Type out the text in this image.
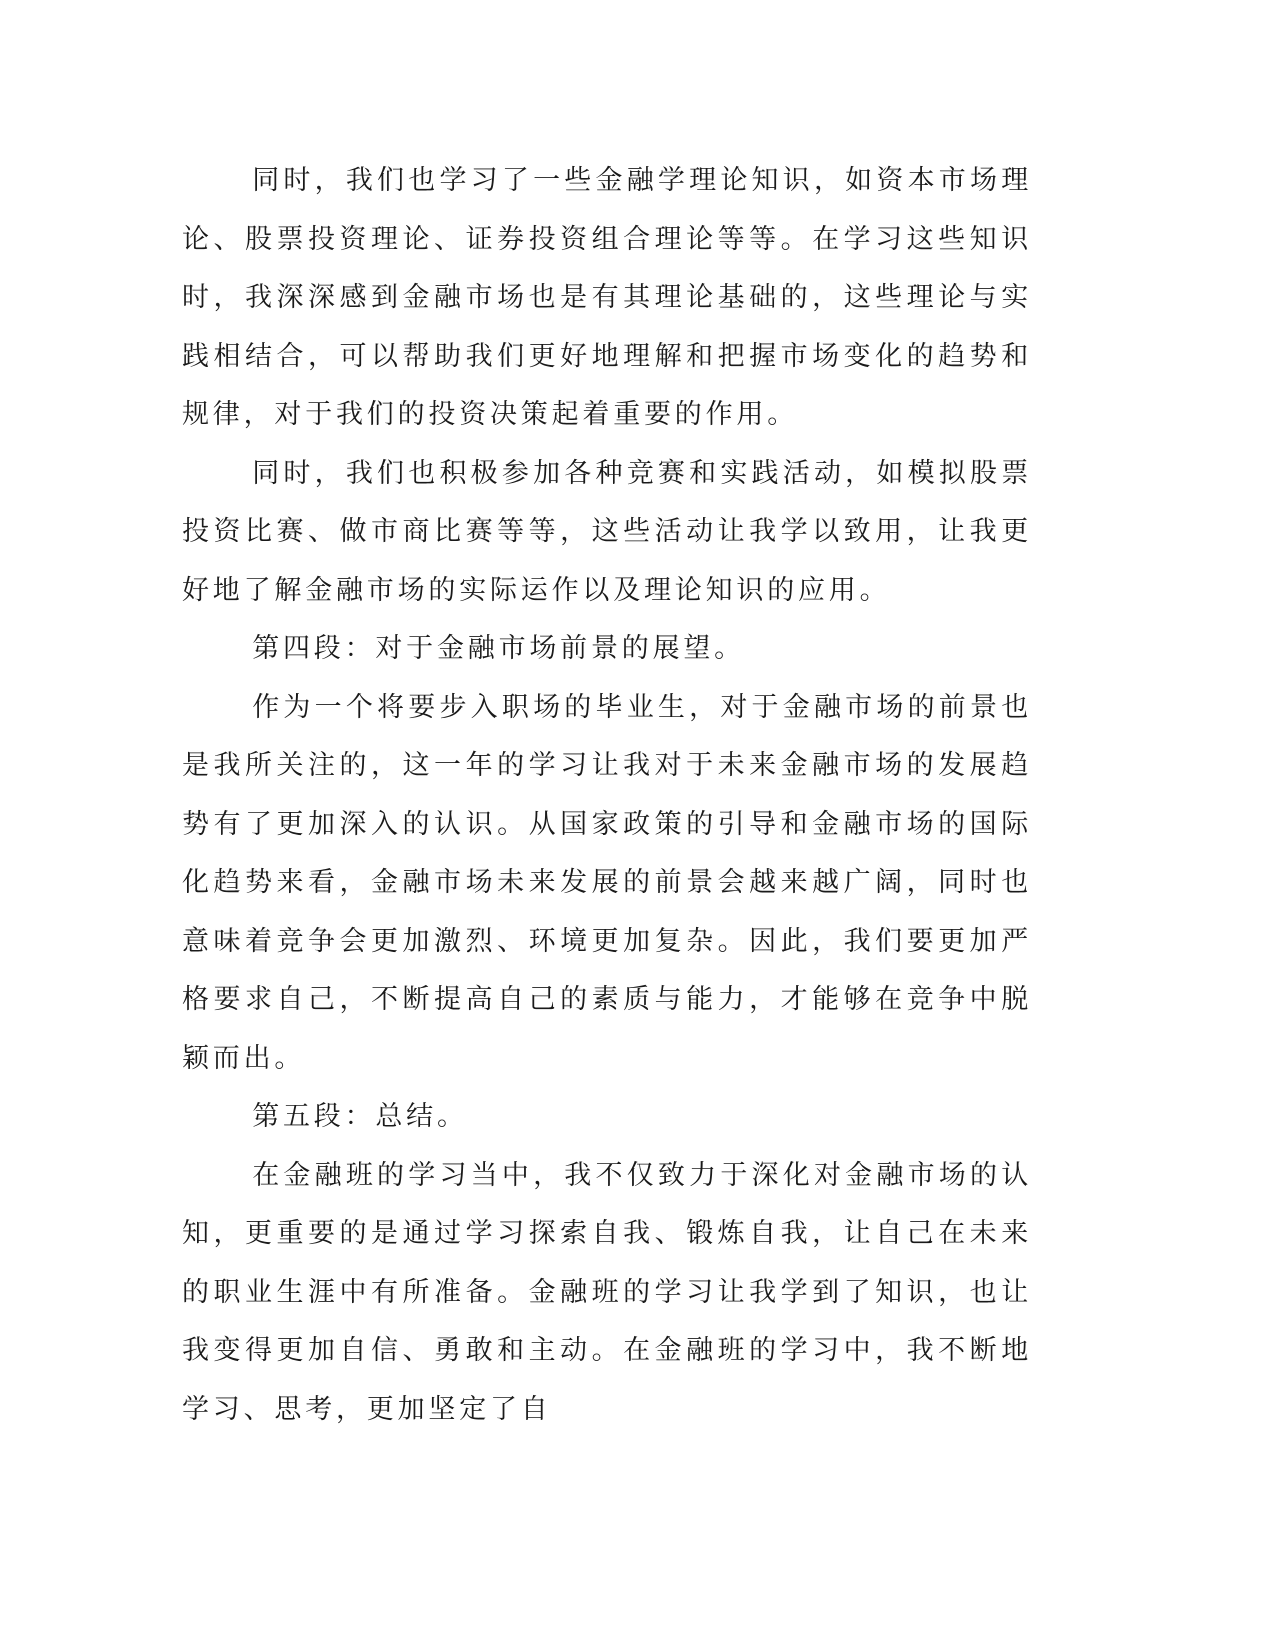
同时，我们也学习了一些金融学理论知识，如资本市场理论、股票投资理论、证券投资组合理论等等。在学习这些知识时，我深深感到金融市场也是有其理论基础的，这些理论与实践相结合，可以帮助我们更好地理解和把握市场变化的趋势和规律，对于我们的投资决策起着重要的作用。

同时，我们也积极参加各种竞赛和实践活动，如模拟股票投资比赛、做市商比赛等等，这些活动让我学以致用，让我更好地了解金融市场的实际运作以及理论知识的应用。

第四段：对于金融市场前景的展望。

作为一个将要步入职场的毕业生，对于金融市场的前景也是我所关注的，这一年的学习让我对于未来金融市场的发展趋势有了更加深入的认识。从国家政策的引导和金融市场的国际化趋势来看，金融市场未来发展的前景会越来越广阔，同时也意味着竞争会更加激烈、环境更加复杂。因此，我们要更加严格要求自己，不断提高自己的素质与能力，才能够在竞争中脱颖而出。

第五段：总结。

在金融班的学习当中，我不仅致力于深化对金融市场的认知，更重要的是通过学习探索自我、锻炼自我，让自己在未来的职业生涯中有所准备。金融班的学习让我学到了知识，也让我变得更加自信、勇敢和主动。在金融班的学习中，我不断地学习、思考，更加坚定了自
